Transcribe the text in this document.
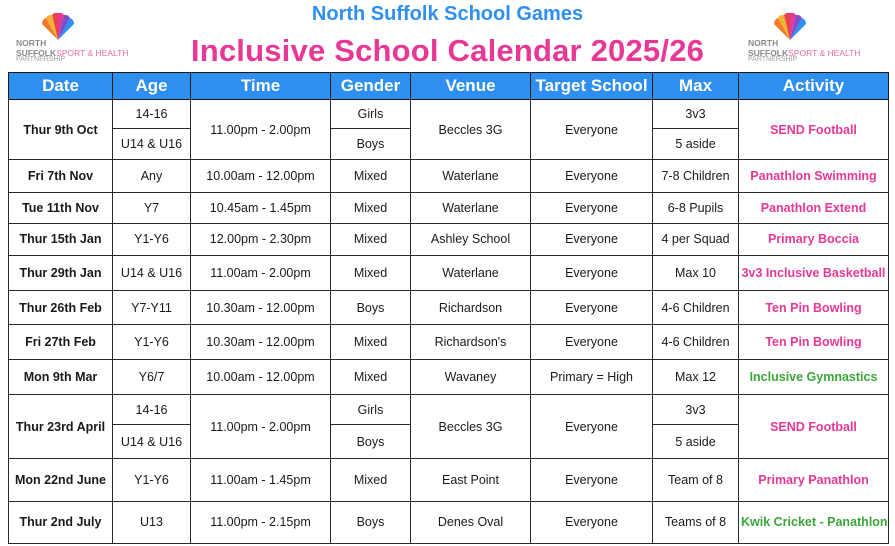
North Suffolk School Games
Inclusive School Calendar 2025/26
NORTH
SUFFOLKSPORT & HEALTH
PARTNERSHIP
NORTH
SUFFOLKSPORT & HEALTH
PARTNERSHIP
Date	Age	Time	Gender	Venue	Target School	Max	Activity
Thur 9th Oct	14-16	11.00pm - 2.00pm	Girls	Beccles 3G	Everyone	3v3	SEND Football
	U14 & U16		Boys			5 aside	
Fri 7th Nov	Any	10.00am - 12.00pm	Mixed	Waterlane	Everyone	7-8 Children	Panathlon Swimming
Tue 11th Nov	Y7	10.45am - 1.45pm	Mixed	Waterlane	Everyone	6-8 Pupils	Panathlon Extend
Thur 15th Jan	Y1-Y6	12.00pm - 2.30pm	Mixed	Ashley School	Everyone	4 per Squad	Primary Boccia
Thur 29th Jan	U14 & U16	11.00am - 2.00pm	Mixed	Waterlane	Everyone	Max 10	3v3 Inclusive Basketball
Thur 26th Feb	Y7-Y11	10.30am - 12.00pm	Boys	Richardson	Everyone	4-6 Children	Ten Pin Bowling
Fri 27th Feb	Y1-Y6	10.30am - 12.00pm	Mixed	Richardson's	Everyone	4-6 Children	Ten Pin Bowling
Mon 9th Mar	Y6/7	10.00am - 12.00pm	Mixed	Wavaney	Primary = High	Max 12	Inclusive Gymnastics
Thur 23rd April	14-16	11.00pm - 2.00pm	Girls	Beccles 3G	Everyone	3v3	SEND Football
	U14 & U16		Boys			5 aside	
Mon 22nd June	Y1-Y6	11.00am - 1.45pm	Mixed	East Point	Everyone	Team of 8	Primary Panathlon
Thur 2nd July	U13	11.00pm - 2.15pm	Boys	Denes Oval	Everyone	Teams of 8	Kwik Cricket - Panathlon
